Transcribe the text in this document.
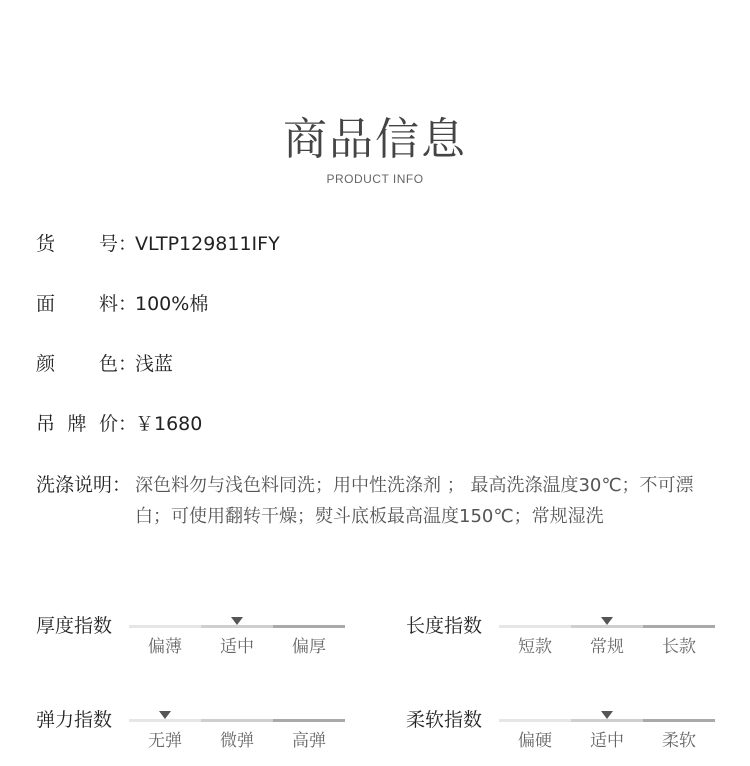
商品信息
PRODUCT INFO
货 号 ：
VLTP129811IFY
面 料 ：
100%棉
颜 色 ：
浅蓝
吊 牌 价 ：
￥1680
洗涤说明： 深色料勿与浅色料同洗；用中性洗涤剂 ； 最高洗涤温度30℃；不可漂白；可使用翻转干燥；熨斗底板最高温度150℃；常规湿洗
厚度指数
偏薄	适中	偏厚
长度指数
短款	常规	长款
弹力指数
无弹	微弹	高弹
柔软指数
偏硬	适中	柔软
